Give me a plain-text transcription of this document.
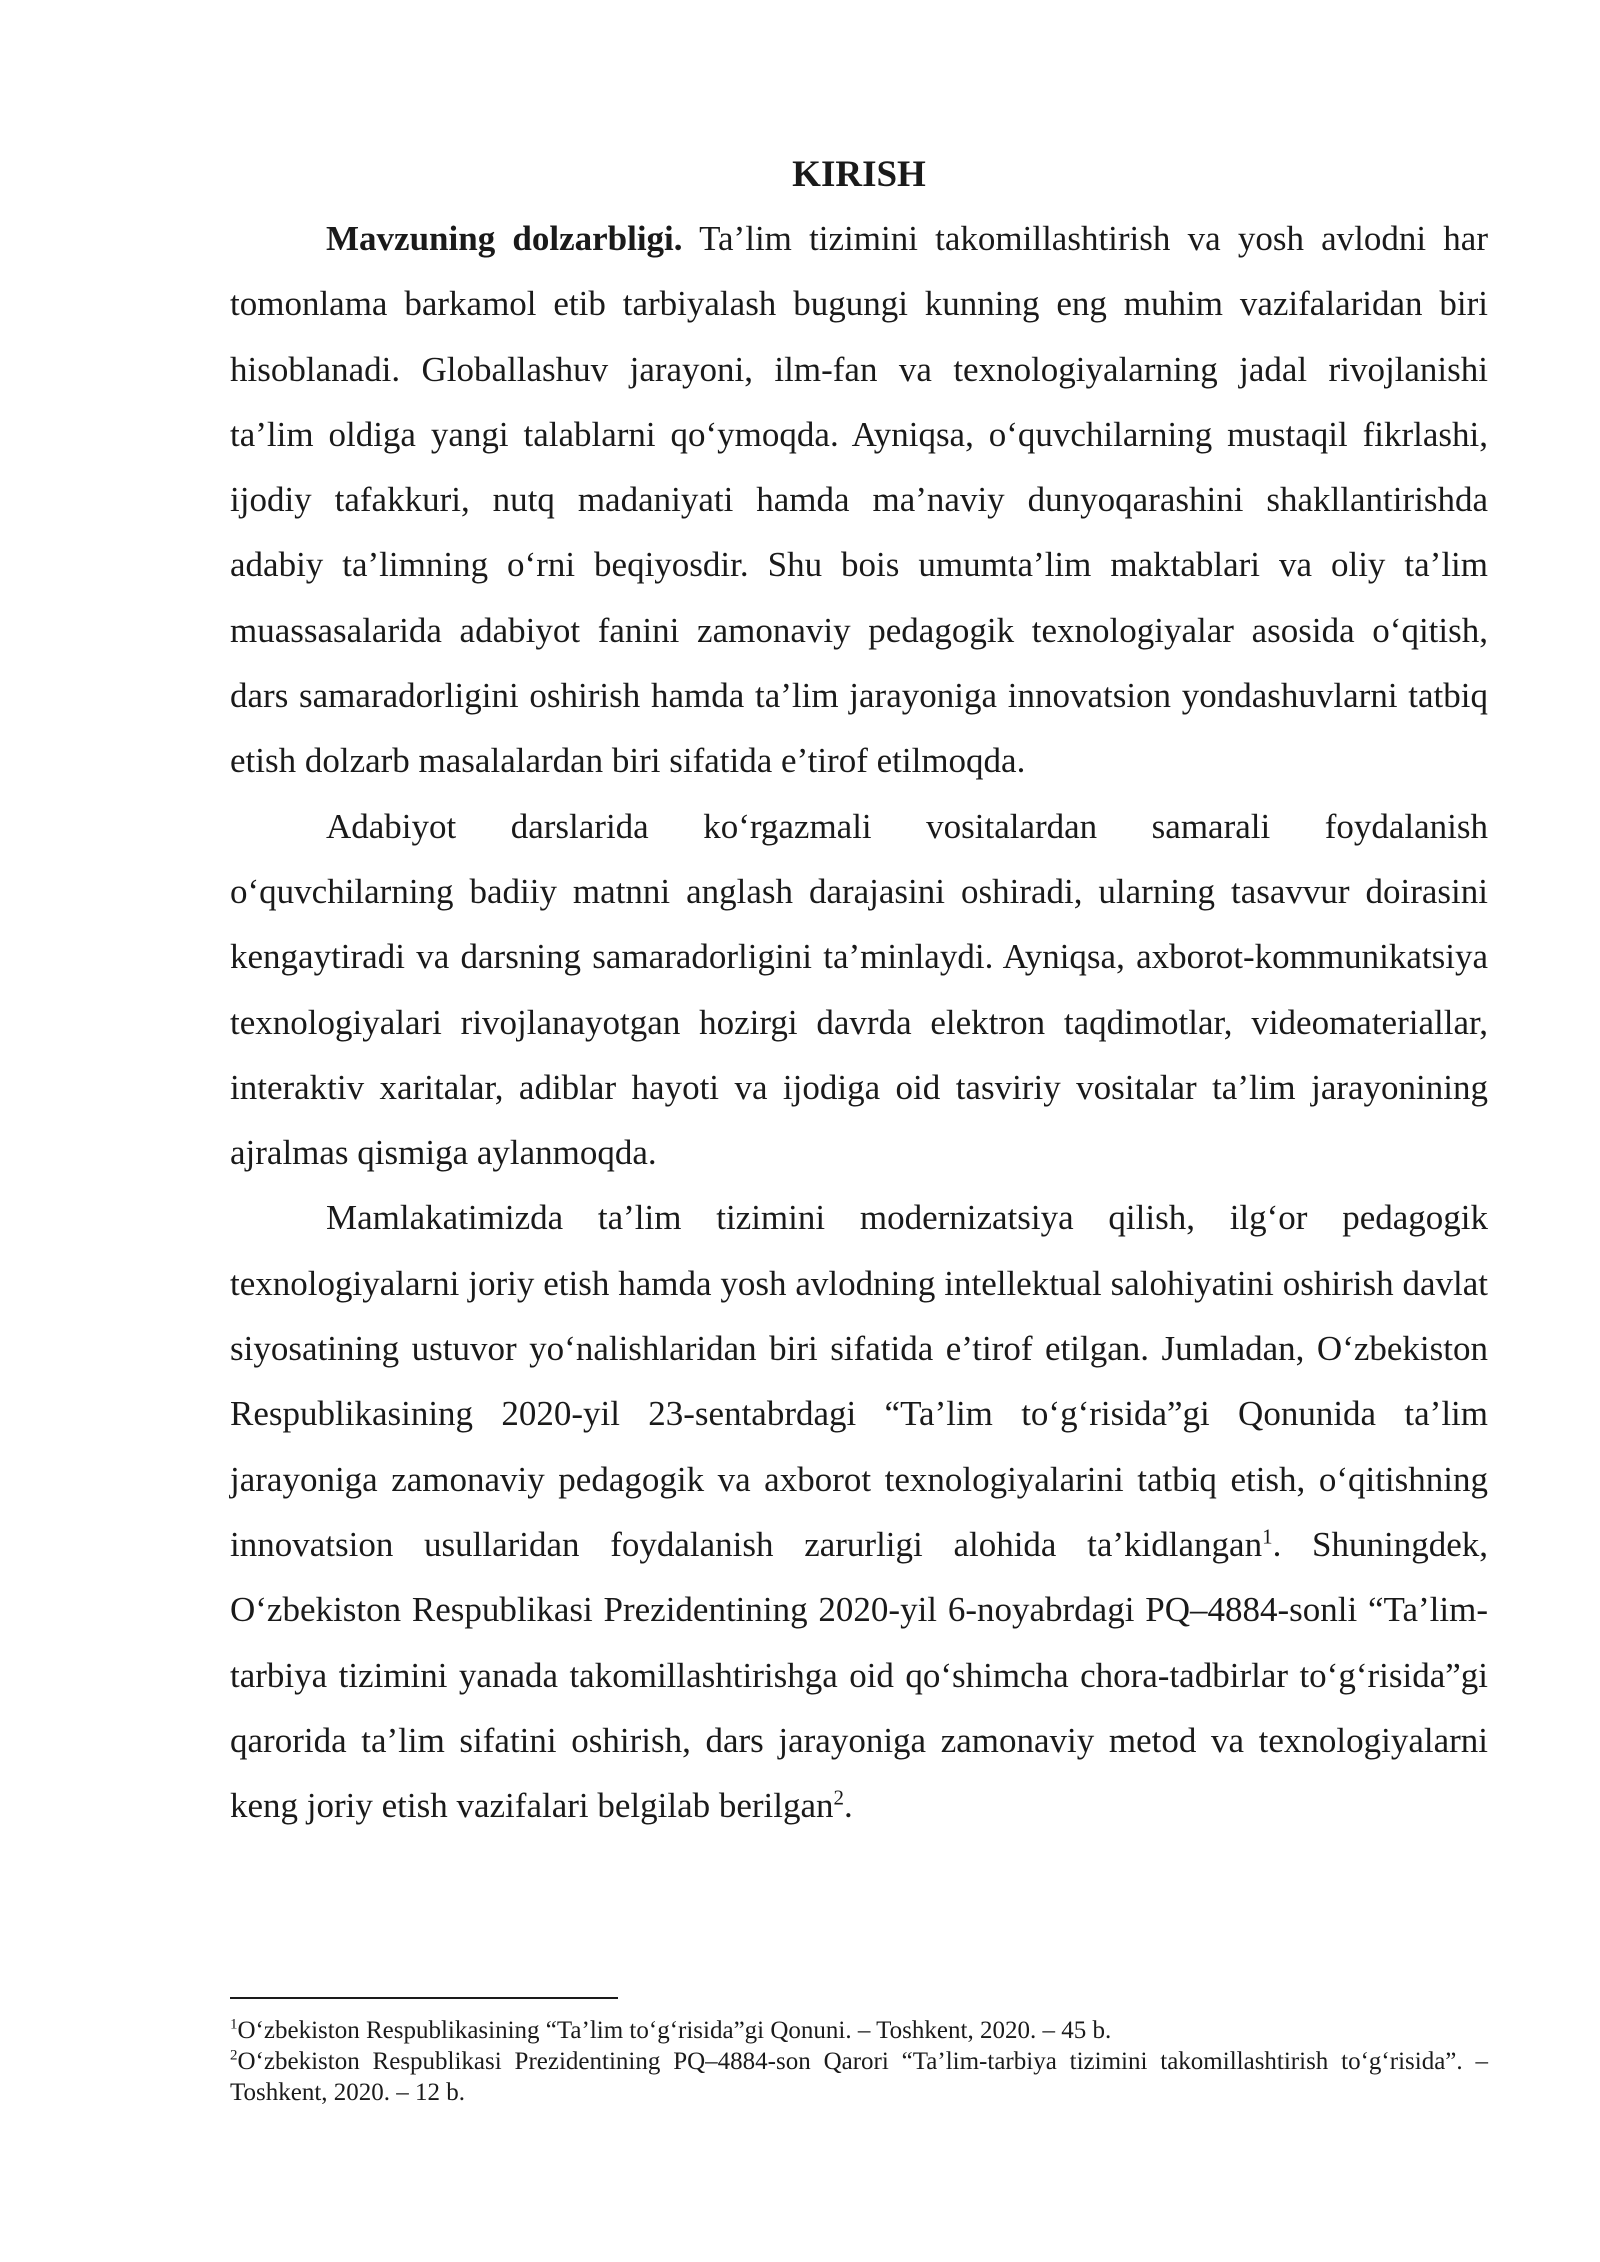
KIRISH

Mavzuning dolzarbligi. Ta’lim tizimini takomillashtirish va yosh avlodni har tomonlama barkamol etib tarbiyalash bugungi kunning eng muhim vazifalaridan biri hisoblanadi. Globallashuv jarayoni, ilm-fan va texnologiyalarning jadal rivojlanishi ta’lim oldiga yangi talablarni qo‘ymoqda. Ayniqsa, o‘quvchilarning mustaqil fikrlashi, ijodiy tafakkuri, nutq madaniyati hamda ma’naviy dunyoqarashini shakllantirishda adabiy ta’limning o‘rni beqiyosdir. Shu bois umumta’lim maktablari va oliy ta’lim muassasalarida adabiyot fanini zamonaviy pedagogik texnologiyalar asosida o‘qitish, dars samaradorligini oshirish hamda ta’lim jarayoniga innovatsion yondashuvlarni tatbiq etish dolzarb masalalardan biri sifatida e’tirof etilmoqda.

Adabiyot darslarida ko‘rgazmali vositalardan samarali foydalanish o‘quvchilarning badiiy matnni anglash darajasini oshiradi, ularning tasavvur doirasini kengaytiradi va darsning samaradorligini ta’minlaydi. Ayniqsa, axborot-kommunikatsiya texnologiyalari rivojlanayotgan hozirgi davrda elektron taqdimotlar, videomateriallar, interaktiv xaritalar, adiblar hayoti va ijodiga oid tasviriy vositalar ta’lim jarayonining ajralmas qismiga aylanmoqda.

Mamlakatimizda ta’lim tizimini modernizatsiya qilish, ilg‘or pedagogik texnologiyalarni joriy etish hamda yosh avlodning intellektual salohiyatini oshirish davlat siyosatining ustuvor yo‘nalishlaridan biri sifatida e’tirof etilgan. Jumladan, O‘zbekiston Respublikasining 2020-yil 23-sentabrdagi “Ta’lim to‘g‘risida”gi Qonunida ta’lim jarayoniga zamonaviy pedagogik va axborot texnologiyalarini tatbiq etish, o‘qitishning innovatsion usullaridan foydalanish zarurligi alohida ta’kidlangan$^1$. Shuningdek, O‘zbekiston Respublikasi Prezidentining 2020-yil 6-noyabrdagi PQ–4884-sonli “Ta’lim-tarbiya tizimini yanada takomillashtirishga oid qo‘shimcha chora-tadbirlar to‘g‘risida”gi qarorida ta’lim sifatini oshirish, dars jarayoniga zamonaviy metod va texnologiyalarni keng joriy etish vazifalari belgilab berilgan$^2$.

$^1$O‘zbekiston Respublikasining “Ta’lim to‘g‘risida”gi Qonuni. – Toshkent, 2020. – 45 b.

$^2$O‘zbekiston Respublikasi Prezidentining PQ–4884-son Qarori “Ta’lim-tarbiya tizimini takomillashtirish to‘g‘risida”. – Toshkent, 2020. – 12 b.
